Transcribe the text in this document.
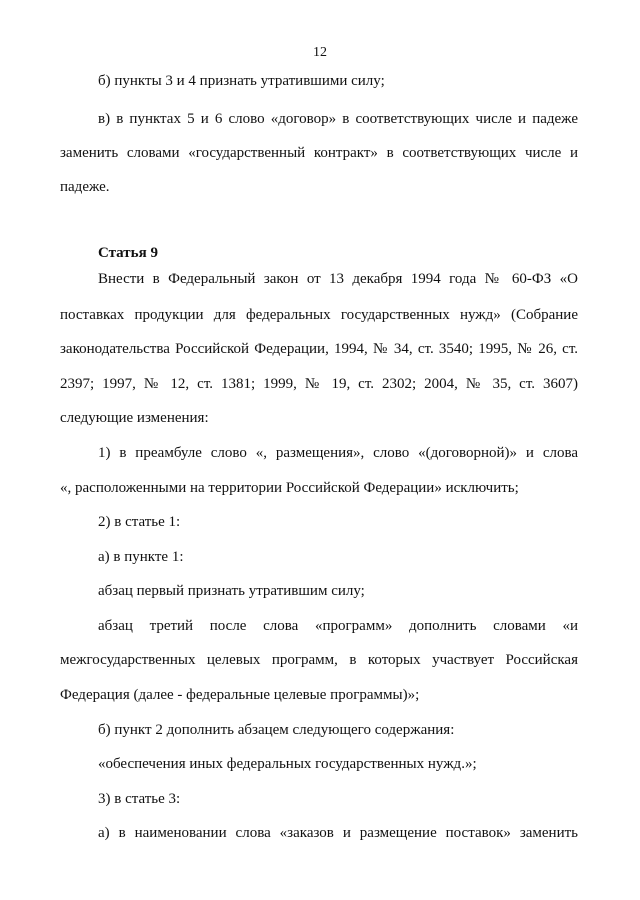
12
б) пункты 3 и 4 признать утратившими силу;
в) в пунктах 5 и 6 слово «договор» в соответствующих числе и падеже
заменить словами «государственный контракт» в соответствующих числе и
падеже.
Статья 9
Внести в Федеральный закон от 13 декабря 1994 года № 60-ФЗ «О
поставках продукции для федеральных государственных нужд» (Собрание
законодательства Российской Федерации, 1994, № 34, ст. 3540; 1995, № 26, ст.
2397; 1997, № 12, ст. 1381; 1999, № 19, ст. 2302; 2004, № 35, ст. 3607)
следующие изменения:
1) в преамбуле слово «, размещения», слово «(договорной)» и слова
«, расположенными на территории Российской Федерации» исключить;
2) в статье 1:
а) в пункте 1:
абзац первый признать утратившим силу;
абзац третий после слова «программ» дополнить словами «и
межгосударственных целевых программ, в которых участвует Российская
Федерация (далее - федеральные целевые программы)»;
б) пункт 2 дополнить абзацем следующего содержания:
«обеспечения иных федеральных государственных нужд.»;
3) в статье 3:
а) в наименовании слова «заказов и размещение поставок» заменить
